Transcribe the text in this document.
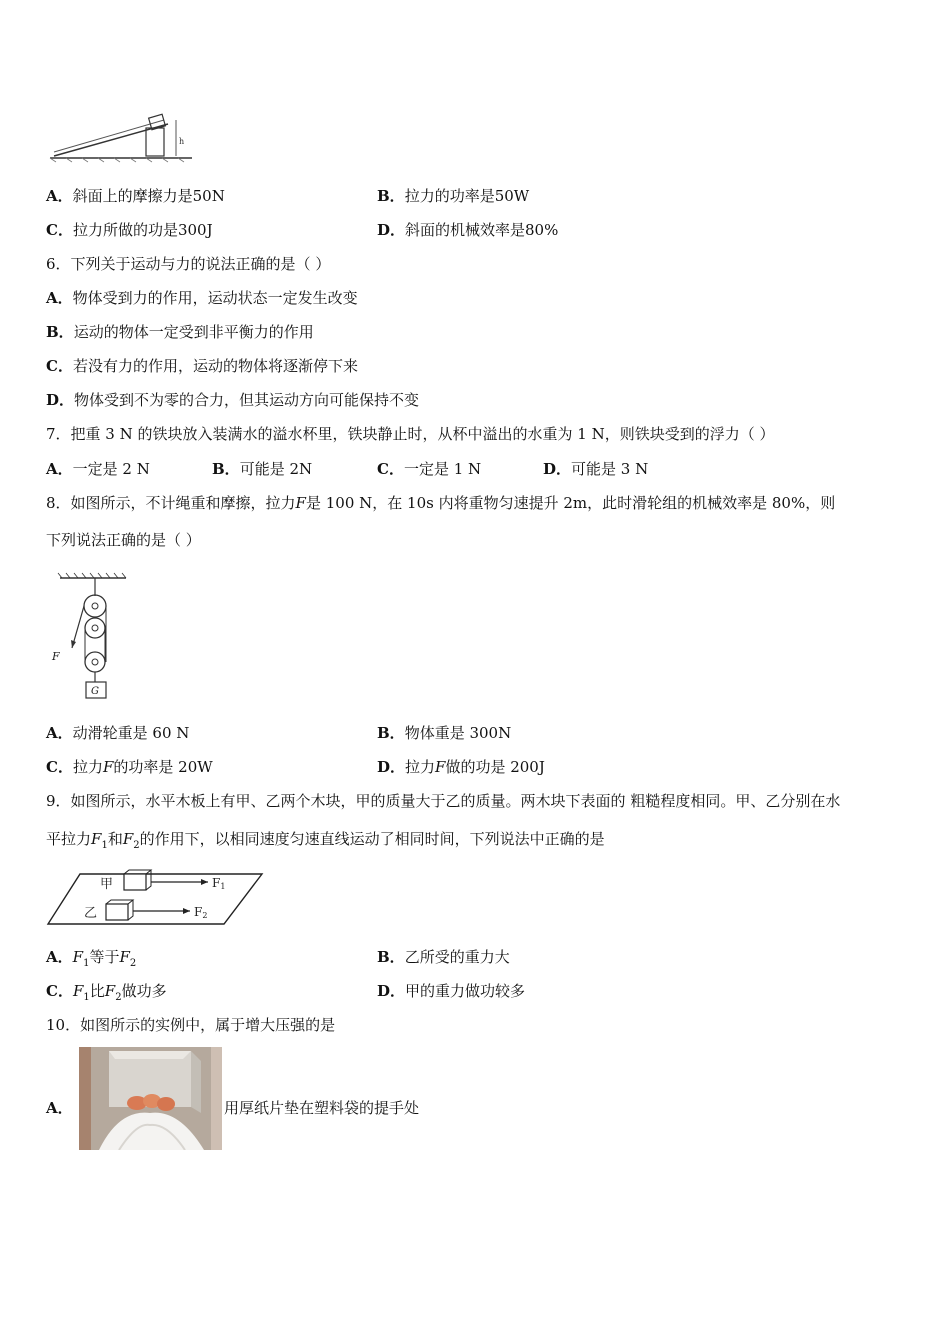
h
A．斜面上的摩擦力是50N	B．拉力的功率是50W
C．拉力所做的功是300J	D．斜面的机械效率是80%
6．下列关于运动与力的说法正确的是（ ）
A．物体受到力的作用，运动状态一定发生改变
B．运动的物体一定受到非平衡力的作用
C．若没有力的作用，运动的物体将逐渐停下来
D．物体受到不为零的合力，但其运动方向可能保持不变
7．把重 3 N 的铁块放入装满水的溢水杯里，铁块静止时，从杯中溢出的水重为 1 N，则铁块受到的浮力（ ）
A．一定是 2 N	B．可能是 2N	C．一定是 1 N	D．可能是 3 N
8．如图所示，不计绳重和摩擦，拉力F是 100 N，在 10s 内将重物匀速提升 2m，此时滑轮组的机械效率是 80%，则
下列说法正确的是（ ）
F
G
A．动滑轮重是 60 N	B．物体重是 300N
C．拉力F的功率是 20W	D．拉力F做的功是 200J
9．如图所示，水平木板上有甲、乙两个木块，甲的质量大于乙的质量。两木块下表面的 粗糙程度相同。甲、乙分别在水
平拉力$F_1$和$F_2$的作用下，以相同速度匀速直线运动了相同时间，下列说法中正确的是
甲
乙
F1
F2
A．$F_1$等于$F_2$	B．乙所受的重力大
C．$F_1$比$F_2$做功多	D．甲的重力做功较多
10．如图所示的实例中，属于增大压强的是
A．	用厚纸片垫在塑料袋的提手处
